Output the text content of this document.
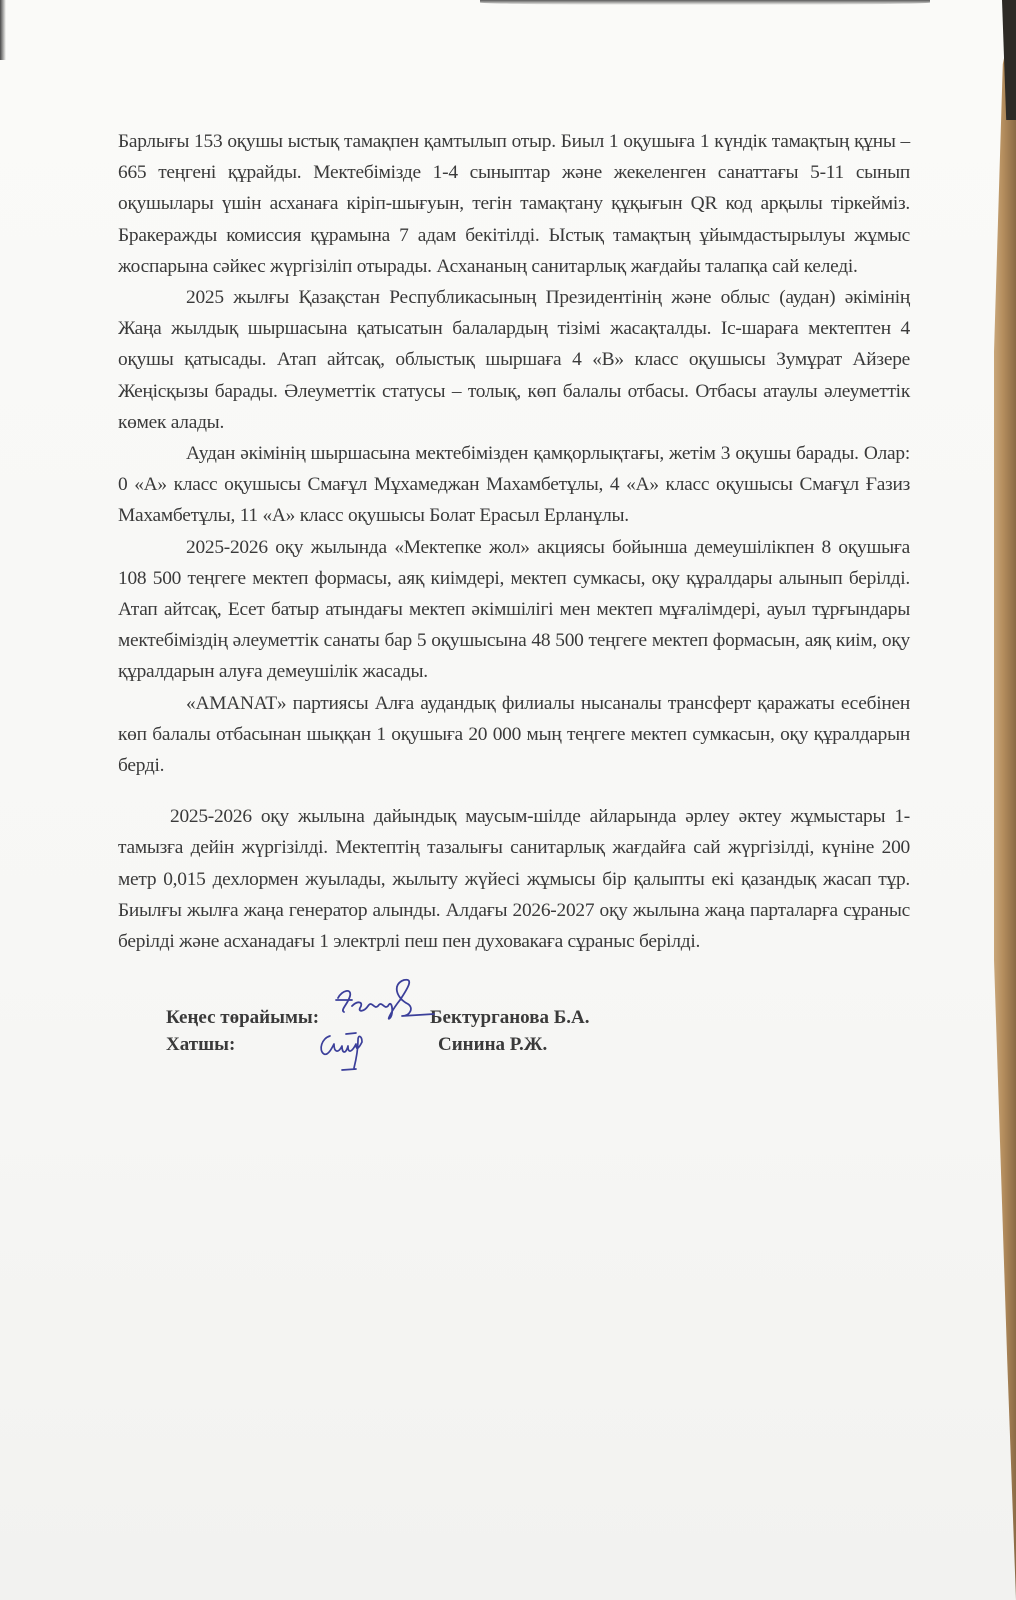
Барлығы 153 оқушы ыстық тамақпен қамтылып отыр. Биыл 1 оқушыға 1 күндік тамақтың құны – 665 теңгені құрайды. Мектебімізде 1-4 сыныптар және жекеленген санаттағы 5-11 сынып оқушылары үшін асханаға кіріп-шығуын, тегін тамақтану құқығын QR код арқылы тіркейміз. Бракеражды комиссия құрамына 7 адам бекітілді. Ыстық тамақтың ұйымдастырылуы жұмыс жоспарына сәйкес жүргізіліп отырады. Асхананың санитарлық жағдайы талапқа сай келеді.

2025 жылғы Қазақстан Республикасының Президентінің және облыс (аудан) әкімінің Жаңа жылдық шыршасына қатысатын балалардың тізімі жасақталды. Іс-шараға мектептен 4 оқушы қатысады. Атап айтсақ, облыстық шыршаға 4 «В» класс оқушысы Зумұрат Айзере Жеңісқызы барады. Әлеуметтік статусы – толық, көп балалы отбасы. Отбасы атаулы әлеуметтік көмек алады.

Аудан әкімінің шыршасына мектебімізден қамқорлықтағы, жетім 3 оқушы барады. Олар: 0 «А» класс оқушысы Смағұл Мұхамеджан Махамбетұлы, 4 «А» класс оқушысы Смағұл Ғазиз Махамбетұлы, 11 «А» класс оқушысы Болат Ерасыл Ерланұлы.

2025-2026 оқу жылында «Мектепке жол» акциясы бойынша демеушілікпен 8 оқушыға 108 500 теңгеге мектеп формасы, аяқ киімдері, мектеп сумкасы, оқу құралдары алынып берілді. Атап айтсақ, Есет батыр атындағы мектеп әкімшілігі мен мектеп мұғалімдері, ауыл тұрғындары мектебіміздің әлеуметтік санаты бар 5 оқушысына 48 500 теңгеге мектеп формасын, аяқ киім, оқу құралдарын алуға демеушілік жасады.

«AMANAT» партиясы Алға аудандық филиалы нысаналы трансферт қаражаты есебінен көп балалы отбасынан шыққан 1 оқушыға 20 000 мың теңгеге мектеп сумкасын, оқу құралдарын берді.

2025-2026 оқу жылына дайындық маусым-шілде айларында әрлеу әктеу жұмыстары 1-тамызға дейін жүргізілді. Мектептің тазалығы санитарлық жағдайға сай жүргізілді, күніне 200 метр 0,015 дехлормен жуылады, жылыту жүйесі жұмысы бір қалыпты екі қазандық жасап тұр. Биылғы жылға жаңа генератор алынды. Алдағы 2026-2027 оқу жылына жаңа парталарға сұраныс берілді және асханадағы 1 электрлі пеш пен духовакаға сұраныс берілді.

Кеңес төрайымы:	Бектурганова Б.А.
Хатшы:	Синина Р.Ж.
